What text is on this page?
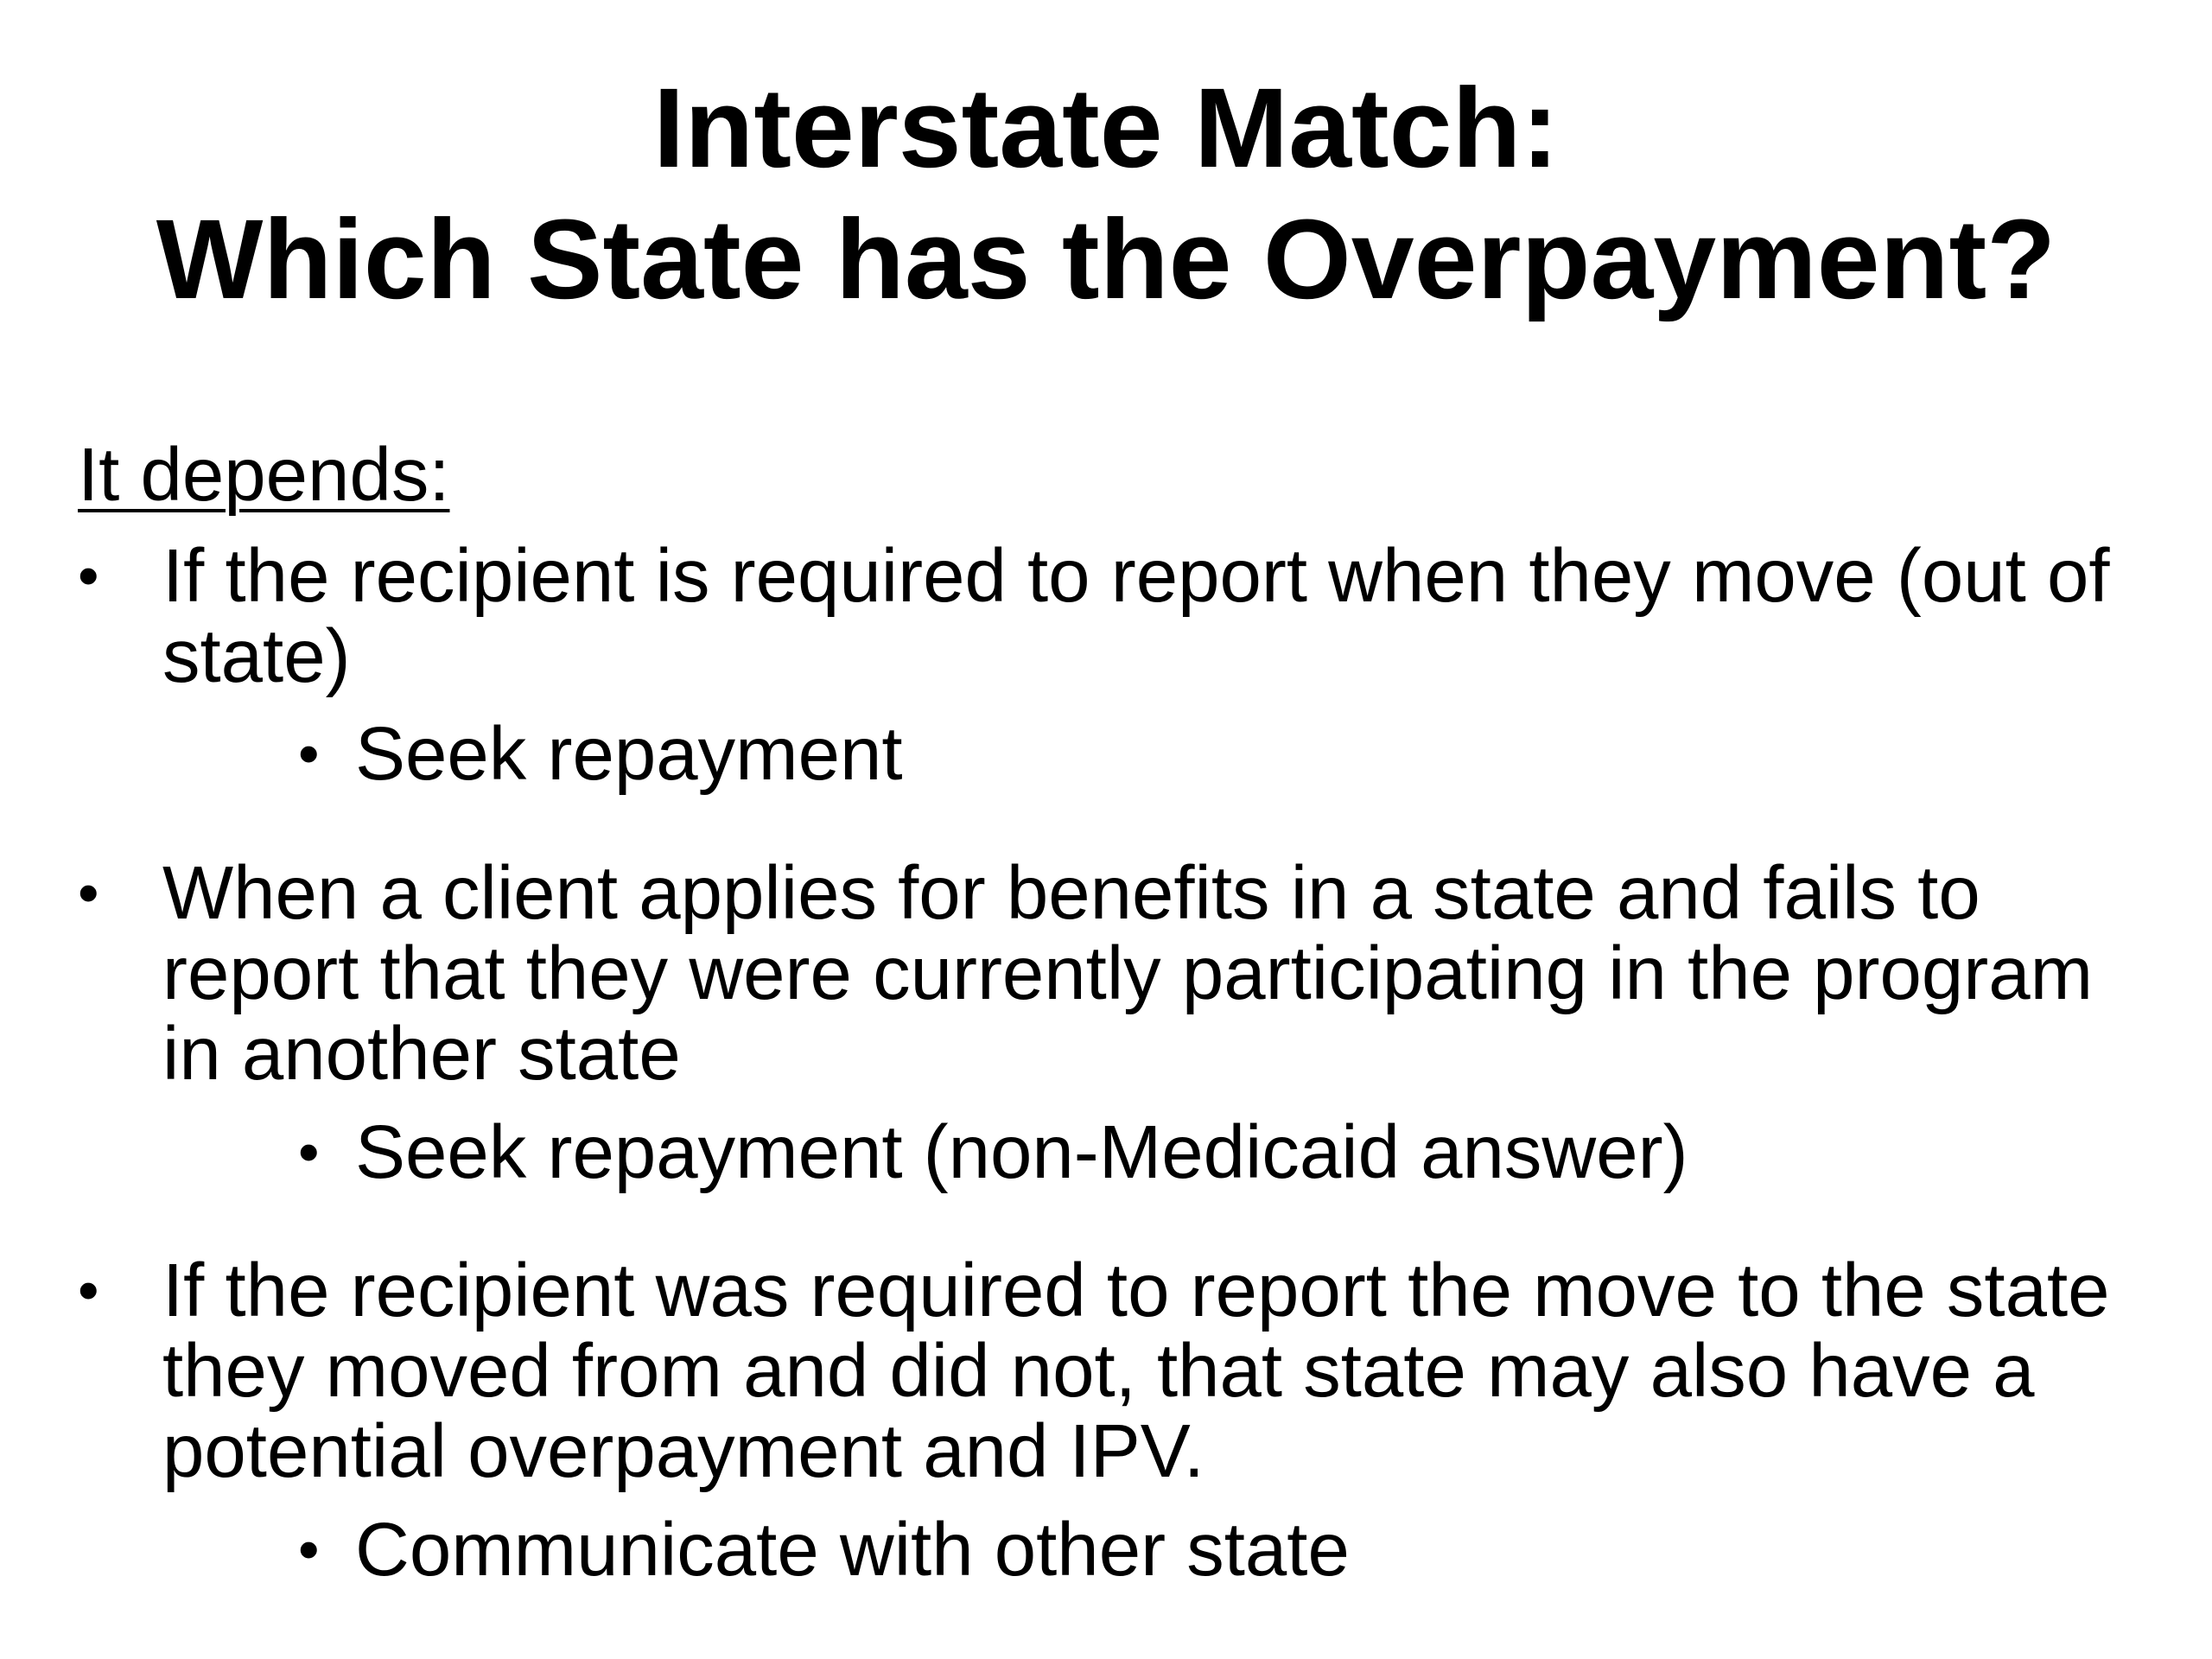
Interstate Match:
Which State has the Overpayment?

It depends:

• If the recipient is required to report when they move (out of state)
• Seek repayment
• When a client applies for benefits in a state and fails to report that they were currently participating in the program in another state
• Seek repayment (non-Medicaid answer)
• If the recipient was required to report the move to the state they moved from and did not, that state may also have a potential overpayment and IPV.
• Communicate with other state
